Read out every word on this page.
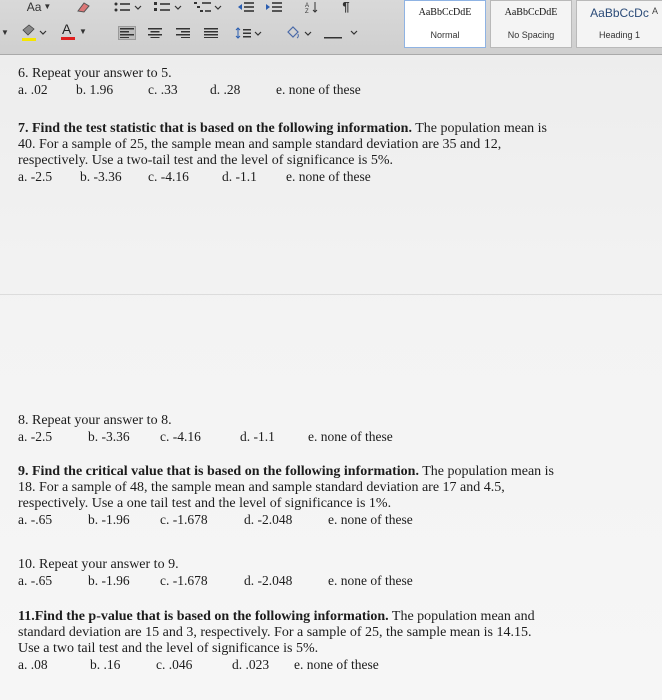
Aa ▼	A
Z	¶
▼	A ▼
AaBbCcDdE
Normal
AaBbCcDdE
No Spacing
AaBbCcDc
Heading 1
A
6. Repeat your answer to 5.
a. .02 b. 1.96	c. .33 d. .28	e. none of these
7. Find the test statistic that is based on the following information. The population mean is
40. For a sample of 25, the sample mean and sample standard deviation are 35 and 12,
respectively. Use a two-tail test and the level of significance is 5%.
a. -2.5 b. -3.36 c. -4.16 d. -1.1 e. none of these
8. Repeat your answer to 8.
a. -2.5	b. -3.36 c. -4.16	d. -1.1 e. none of these
9. Find the critical value that is based on the following information. The population mean is
18. For a sample of 48, the sample mean and sample standard deviation are 17 and 4.5,
respectively. Use a one tail test and the level of significance is 1%.
a. -.65	b. -1.96 c. -1.678	d. -2.048	e. none of these
10. Repeat your answer to 9.
a. -.65	b. -1.96 c. -1.678	d. -2.048	e. none of these
11.Find the p-value that is based on the following information. The population mean and
standard deviation are 15 and 3, respectively. For a sample of 25, the sample mean is 14.15.
Use a two tail test and the level of significance is 5%.
a. .08	b. .16	c. .046	d. .023 e. none of these
